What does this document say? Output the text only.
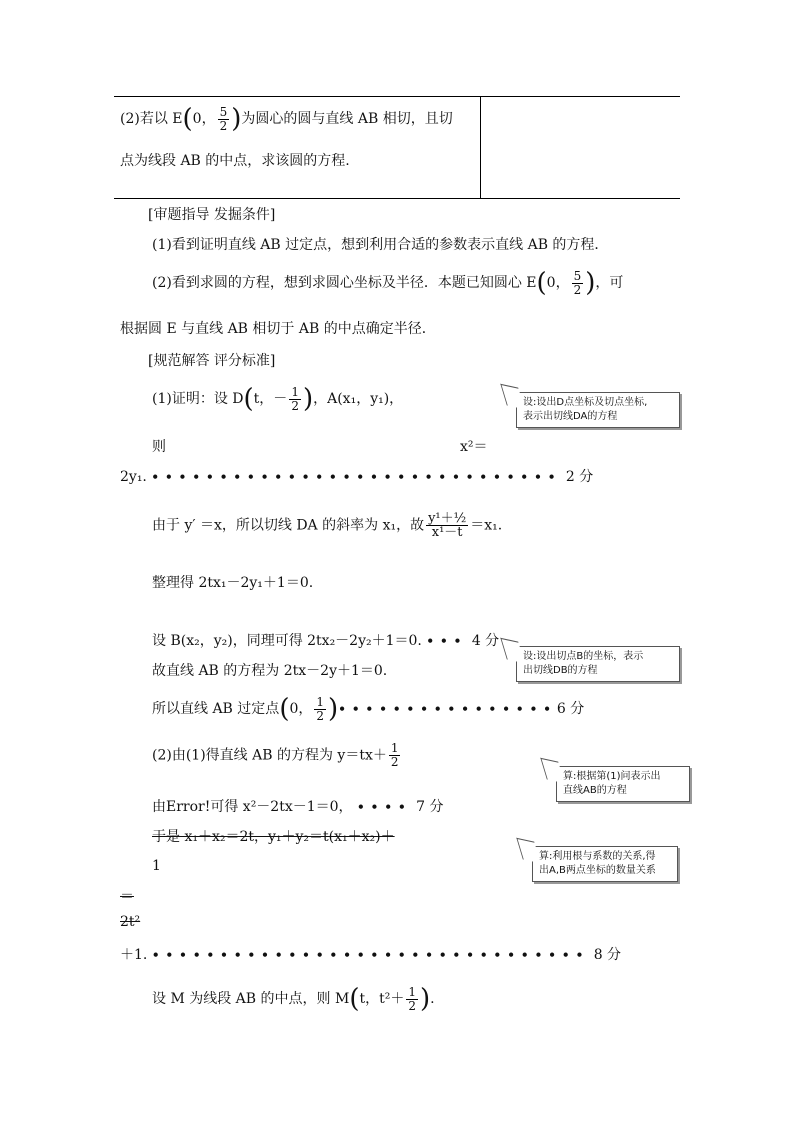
(2)若以 E(0， $\frac{5}{2}$ )为圆心的圆与直线 AB 相切，且切
点为线段 AB 的中点，求该圆的方程.
[审题指导 发掘条件]
(1)看到证明直线 AB 过定点，想到利用合适的参数表示直线 AB 的方程．
(2)看到求圆的方程，想到求圆心坐标及半径．本题已知圆心 E(0， $\frac{5}{2}$ )，可
根据圆 E 与直线 AB 相切于 AB 的中点确定半径．
[规范解答 评分标准]
(1)证明：设 D(t，－ $\frac{1}{2}$ )，A(x₁，y₁)，	设:设出D点坐标及切点坐标,
表示出切线DA的方程
则	x²＝
2y₁. •••••••••••••••••••••••••••••• 2 分
由于 y′ ＝x，所以切线 DA 的斜率为 x₁，故 $\frac{\text{y¹＋½}}{\text{x¹－t}} =x_1$.
整理得 2tx₁－2y₁＋1＝0.
设 B(x₂，y₂)，同理可得 2tx₂－2y₂＋1＝0. ••• 4 分
设:设出切点B的坐标，表示
出切线DB的方程
故直线 AB 的方程为 2tx－2y＋1＝0.
所以直线 AB 过定点(0， $\frac{1}{2}$ )••••••••••••••••6 分
(2)由(1)得直线 AB 的方程为 $y=tx+ \frac{1}{2}$
算:根据第(1)问表示出
直线AB的方程
由Error!可得 x²－2tx－1＝0， •••• 7 分
于是 x₁＋x₂＝2t，y₁＋y₂＝t(x₁＋x₂)＋
算:利用根与系数的关系,得
出A,B两点坐标的数量关系
1
＝
2t²
＋1. •••••••••••••••••••••••••••••••• 8 分
设 M 为线段 AB 的中点，则 M(t，$t^2+ \frac{1}{2}$ ).
